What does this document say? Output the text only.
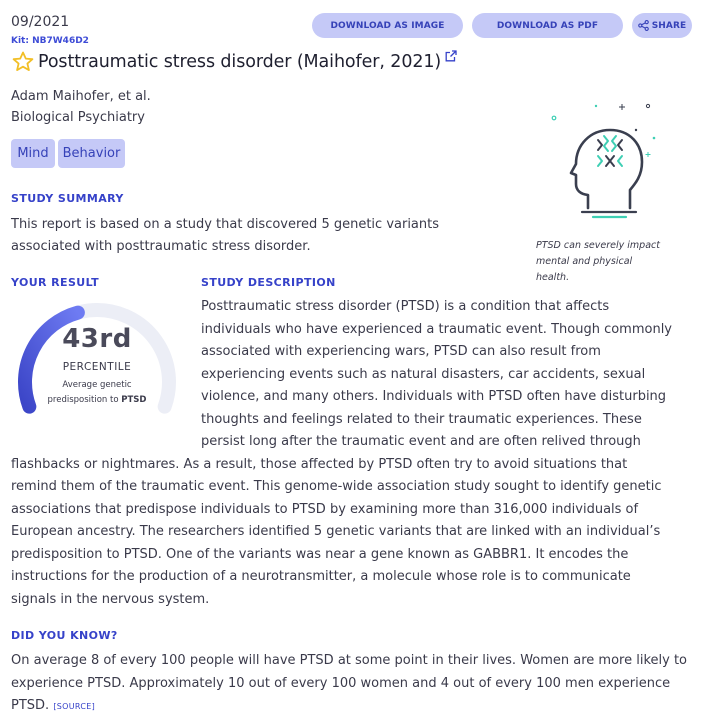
09/2021
Kit: NB7W46D2
DOWNLOAD AS IMAGE	DOWNLOAD AS PDF	SHARE
Posttraumatic stress disorder (Maihofer, 2021)
Adam Maihofer, et al.
Biological Psychiatry
Mind	Behavior
STUDY SUMMARY
This report is based on a study that discovered 5 genetic variants
associated with posttraumatic stress disorder.	PTSD can severely impact
mental and physical
health.
YOUR RESULT
43rd
PERCENTILE
Average genetic
predisposition to PTSD
STUDY DESCRIPTION
Posttraumatic stress disorder (PTSD) is a condition that affects
individuals who have experienced a traumatic event. Though commonly
associated with experiencing wars, PTSD can also result from
experiencing events such as natural disasters, car accidents, sexual
violence, and many others. Individuals with PTSD often have disturbing
thoughts and feelings related to their traumatic experiences. These
persist long after the traumatic event and are often relived through
flashbacks or nightmares. As a result, those affected by PTSD often try to avoid situations that
remind them of the traumatic event. This genome-wide association study sought to identify genetic
associations that predispose individuals to PTSD by examining more than 316,000 individuals of
European ancestry. The researchers identified 5 genetic variants that are linked with an individual’s
predisposition to PTSD. One of the variants was near a gene known as GABBR1. It encodes the
instructions for the production of a neurotransmitter, a molecule whose role is to communicate
signals in the nervous system.
DID YOU KNOW?
On average 8 of every 100 people will have PTSD at some point in their lives. Women are more likely to
experience PTSD. Approximately 10 out of every 100 women and 4 out of every 100 men experience
PTSD. [SOURCE]
